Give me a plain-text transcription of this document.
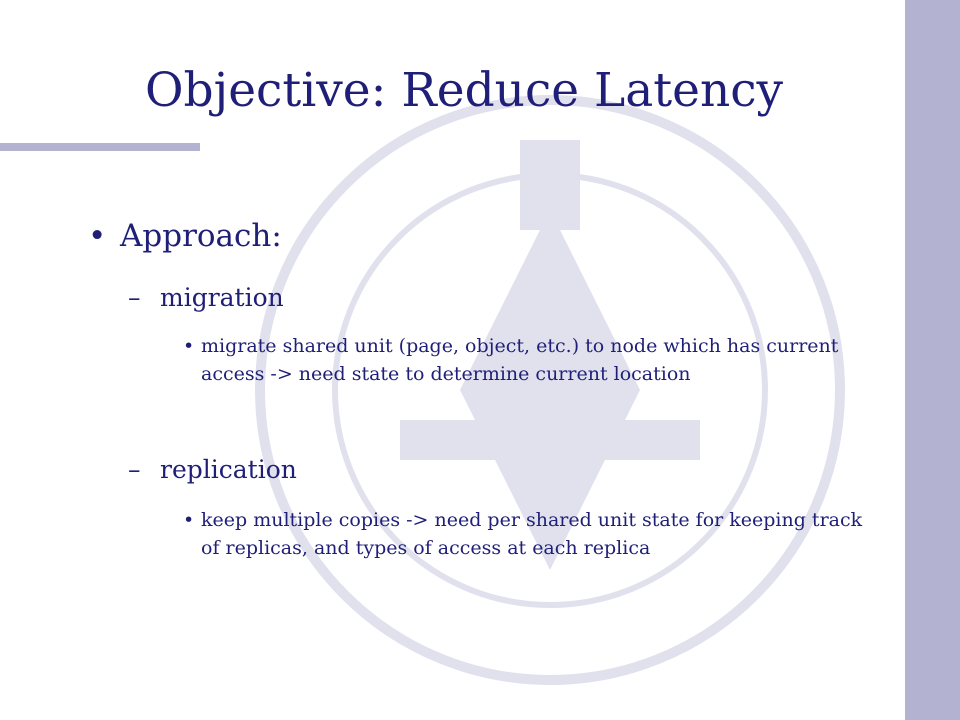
Objective: Reduce Latency
• Approach:
– migration
• migrate shared unit (page, object, etc.) to node which has current access -> need state to determine current location
– replication
• keep multiple copies -> need per shared unit state for keeping track of replicas, and types of access at each replica
